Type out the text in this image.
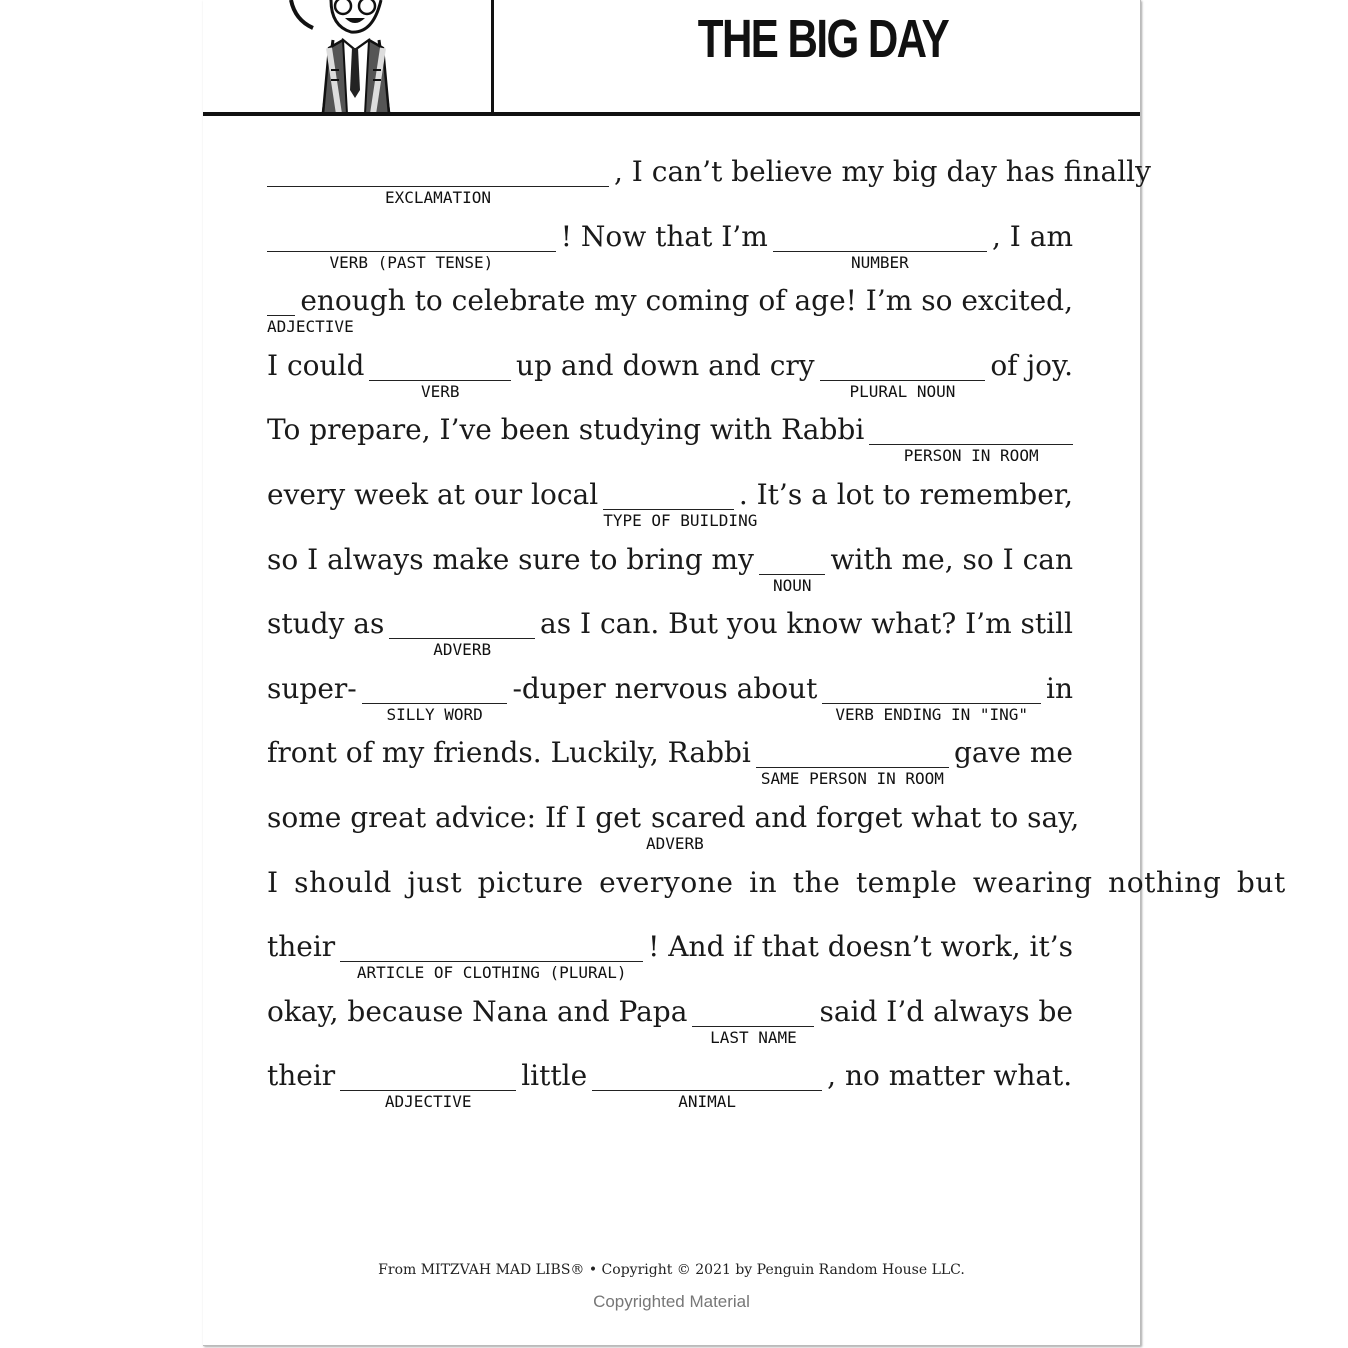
THE BIG DAY
EXCLAMATION
, I can’t believe my big day has finally
VERB (PAST TENSE)
! Now that I’m
NUMBER
, I am
ADJECTIVE
enough to celebrate my coming of age! I’m so excited,
I could
VERB
up and down and cry
PLURAL NOUN
of joy.
To prepare, I’ve been studying with Rabbi
PERSON IN ROOM
every week at our local
TYPE OF BUILDING
. It’s a lot to remember,
so I always make sure to bring my
NOUN
with me, so I can
study as
ADVERB
as I can. But you know what? I’m still
super-
SILLY WORD
-duper nervous about
VERB ENDING IN "ING"
in
front of my friends. Luckily, Rabbi
SAME PERSON IN ROOM
gave me
some great advice: If I get
ADVERB
scared and forget what to say,
I should just picture everyone in the temple wearing nothing but
their
ARTICLE OF CLOTHING (PLURAL)
! And if that doesn’t work, it’s
okay, because Nana and Papa
LAST NAME
said I’d always be
their
ADJECTIVE
little
ANIMAL
, no matter what.
From MITZVAH MAD LIBS® • Copyright © 2021 by Penguin Random House LLC.
Copyrighted Material
